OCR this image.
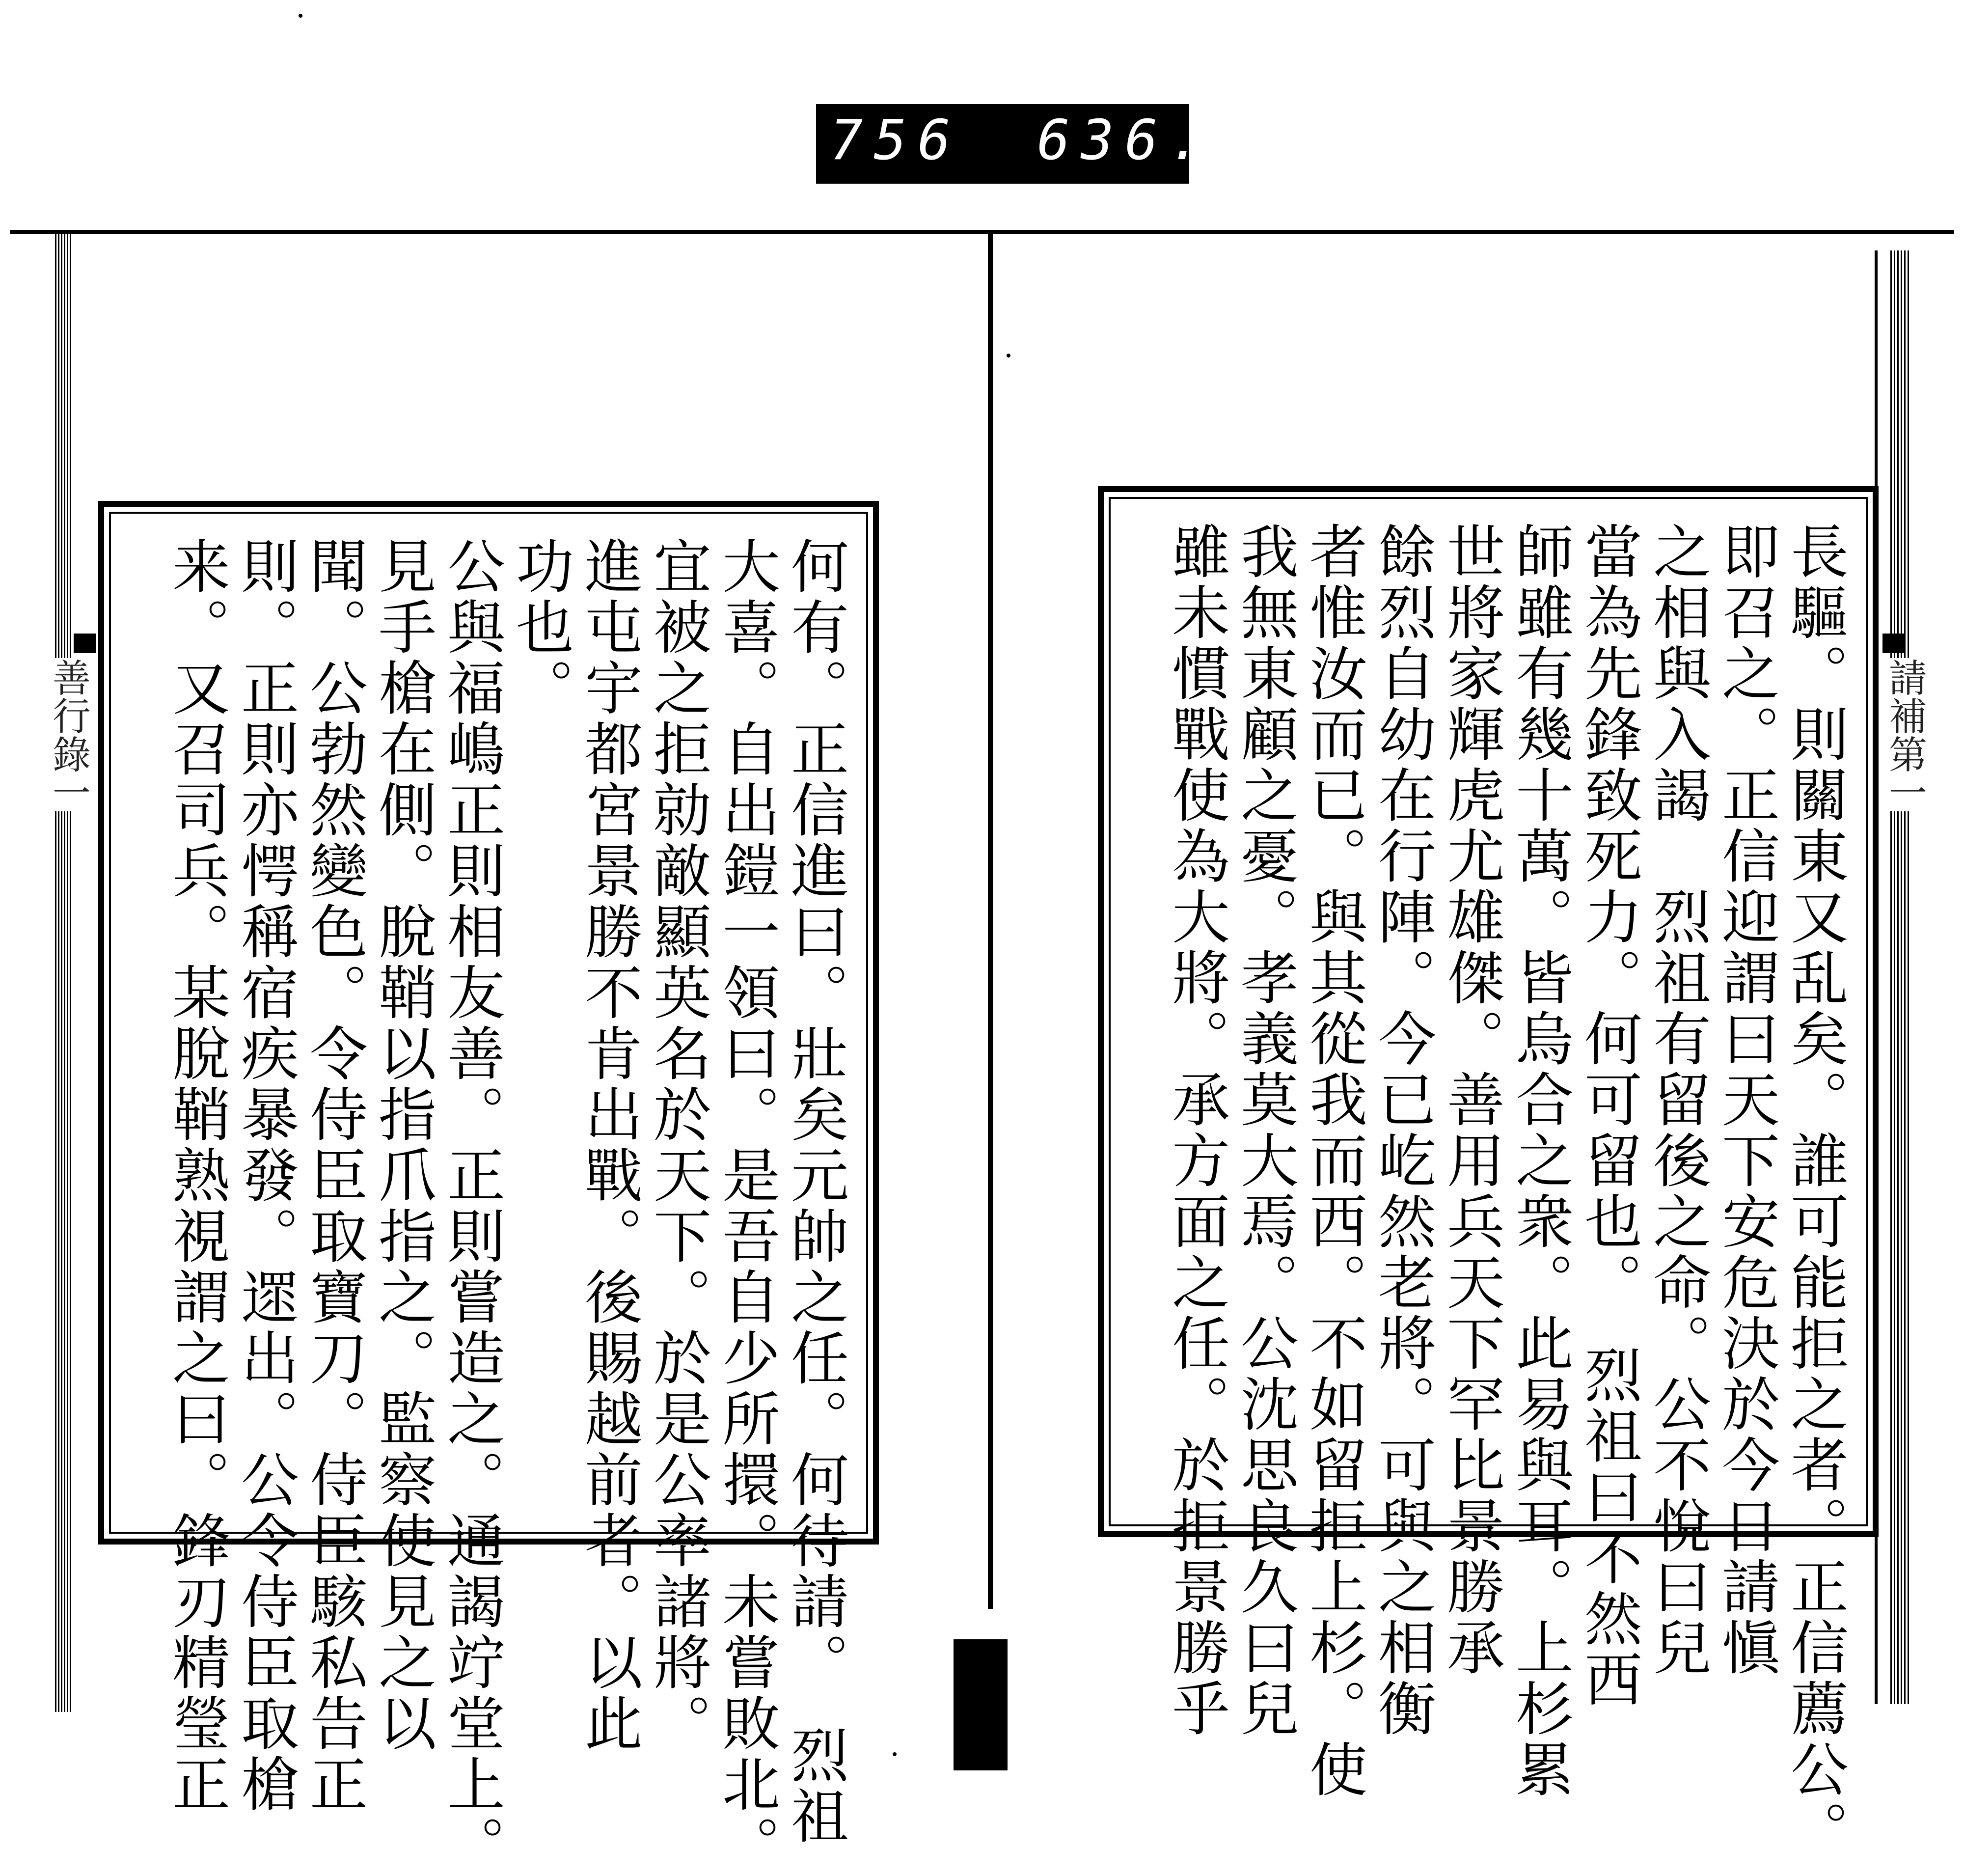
756 636.
善行錄一	請補第一
長驅。則關東又乱矣。誰可能拒之者。正信薦公。
即召之。正信迎謂曰天下安危決於今日請愼
之相與入謁　烈祖有留後之命。公不悅曰兒
當為先鋒致死力。何可留也。　烈祖曰不然西
師雖有幾十萬。皆烏合之衆。此易與耳。上杉累
世將家輝虎尤雄傑。善用兵天下罕比景勝承
餘烈自幼在行陣。今已屹然老將。可與之相衡
者惟汝而已。與其從我而西。不如留拒上杉。使
我無東顧之憂。孝義莫大焉。公沈思良久曰兒
雖未慣戰使為大將。承方面之任。於拒景勝乎
何有。正信進曰。壯矣元帥之任。何待請。　烈祖
大喜。自出鎧一領曰。是吾自少所擐。未嘗敗北。
宜被之拒勍敵顯英名於天下。於是公率諸將。
進屯宇都宮景勝不肯出戰。後賜越前者。以此
功也。
公與福嶋正則相友善。正則嘗造之。通謁竚堂上。
見手槍在側。脫鞘以指爪指之。監察使見之以
聞。公勃然變色。令侍臣取寶刀。侍臣駭私告正
則。正則亦愕稱宿疾暴發。遝出。公令侍臣取槍
来。又召司兵。某脫鞘熟視謂之曰。鋒刃精瑩正
